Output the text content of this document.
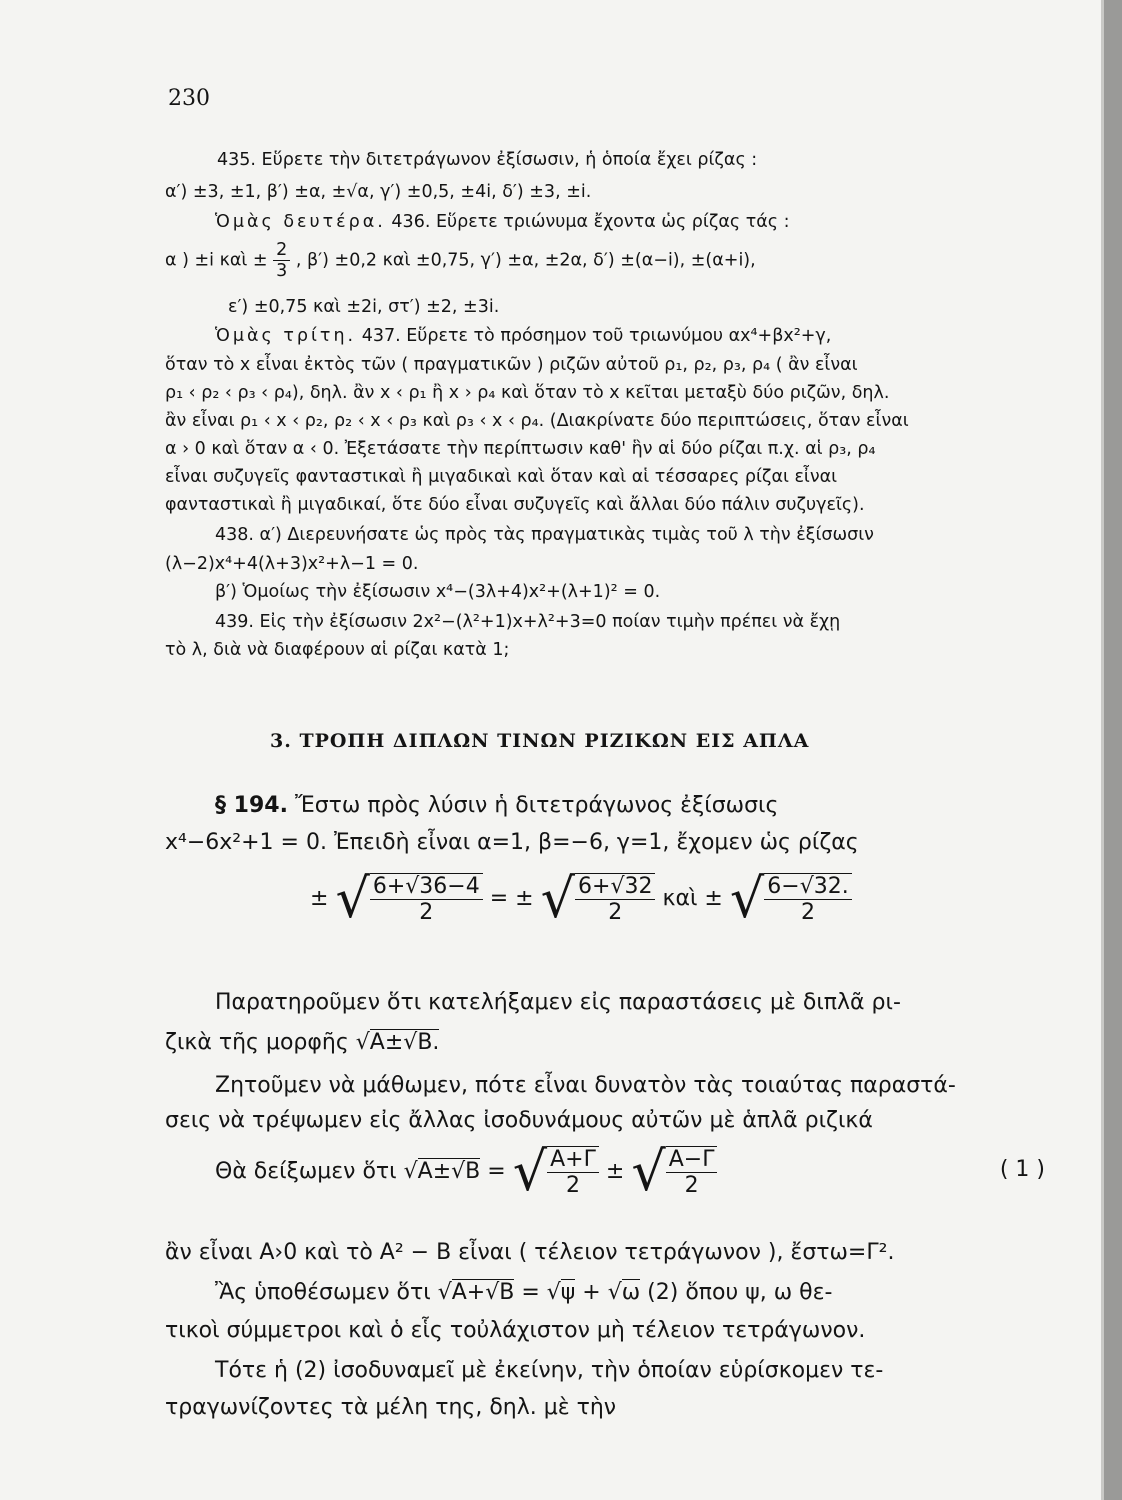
230
435. Εὕρετε τὴν διτετράγωνον ἐξίσωσιν, ἡ ὁποία ἔχει ρίζας :
α′) ±3, ±1, β′) ±α, ±√α, γ′) ±0,5, ±4i, δ′) ±3, ±i.
Ὁμὰς δευτέρα. 436. Εὕρετε τριώνυμα ἔχοντα ὡς ρίζας τάς :
α ) ±i καὶ ± $\frac{2}{3}$ , β′) ±0,2 καὶ ±0,75, γ′) ±α, ±2α, δ′) ±(α−i), ±(α+i),
ε′) ±0,75 καὶ ±2i, στ′) ±2, ±3i.
Ὁμὰς τρίτη. 437. Εὕρετε τὸ πρόσημον τοῦ τριωνύμου αx⁴+βx²+γ,
ὅταν τὸ x εἶναι ἐκτὸς τῶν ( πραγματικῶν ) ριζῶν αὐτοῦ ρ₁, ρ₂, ρ₃, ρ₄ ( ἂν εἶναι
ρ₁ ‹ ρ₂ ‹ ρ₃ ‹ ρ₄), δηλ. ἂν x ‹ ρ₁ ἢ x › ρ₄ καὶ ὅταν τὸ x κεῖται μεταξὺ δύο ριζῶν, δηλ.
ἂν εἶναι ρ₁ ‹ x ‹ ρ₂, ρ₂ ‹ x ‹ ρ₃ καὶ ρ₃ ‹ x ‹ ρ₄. (Διακρίνατε δύο περιπτώσεις, ὅταν εἶναι
α › 0 καὶ ὅταν α ‹ 0. Ἐξετάσατε τὴν περίπτωσιν καθ' ἣν αἱ δύο ρίζαι π.χ. αἱ ρ₃, ρ₄
εἶναι συζυγεῖς φανταστικαὶ ἢ μιγαδικαὶ καὶ ὅταν καὶ αἱ τέσσαρες ρίζαι εἶναι
φανταστικαὶ ἢ μιγαδικαί, ὅτε δύο εἶναι συζυγεῖς καὶ ἄλλαι δύο πάλιν συζυγεῖς).
438. α′) Διερευνήσατε ὡς πρὸς τὰς πραγματικὰς τιμὰς τοῦ λ τὴν ἐξίσωσιν
(λ−2)x⁴+4(λ+3)x²+λ−1 = 0.
β′) Ὁμοίως τὴν ἐξίσωσιν x⁴−(3λ+4)x²+(λ+1)² = 0.
439. Εἰς τὴν ἐξίσωσιν 2x²−(λ²+1)x+λ²+3=0 ποίαν τιμὴν πρέπει νὰ ἔχῃ
τὸ λ, διὰ νὰ διαφέρουν αἱ ρίζαι κατὰ 1;
3. ΤΡΟΠΗ ΔΙΠΛΩΝ ΤΙΝΩΝ ΡΙΖΙΚΩΝ ΕΙΣ ΑΠΛΑ
§ 194. Ἔστω πρὸς λύσιν ἡ διτετράγωνος ἐξίσωσις
x⁴−6x²+1 = 0. Ἐπειδὴ εἶναι α=1, β=−6, γ=1, ἔχομεν ὡς ρίζας
± √ $\frac{6+√36-4}{2}$ = ± √ $\frac{6+√32}{2}$ καὶ ± √ $\frac{6-√32.}{2}$
Παρατηροῦμεν ὅτι κατελήξαμεν εἰς παραστάσεις μὲ διπλᾶ ρι-
ζικὰ τῆς μορφῆς √A±√B.
Ζητοῦμεν νὰ μάθωμεν, πότε εἶναι δυνατὸν τὰς τοιαύτας παραστά-
σεις νὰ τρέψωμεν εἰς ἄλλας ἰσοδυνάμους αὐτῶν μὲ ἁπλᾶ ριζικά
Θὰ δείξωμεν ὅτι √A±√B = √ $\frac{A+\Gamma}{2}$ ± √ $\frac{A-\Gamma}{2}$	( 1 )
ἂν εἶναι A›0 καὶ τὸ A² − B εἶναι ( τέλειον τετράγωνον ), ἔστω=Γ².
Ἂς ὑποθέσωμεν ὅτι √A+√B = √ψ + √ω (2) ὅπου ψ, ω θε-
τικοὶ σύμμετροι καὶ ὁ εἷς τοὐλάχιστον μὴ τέλειον τετράγωνον.
Τότε ἡ (2) ἰσοδυναμεῖ μὲ ἐκείνην, τὴν ὁποίαν εὑρίσκομεν τε-
τραγωνίζοντες τὰ μέλη της, δηλ. μὲ τὴν
